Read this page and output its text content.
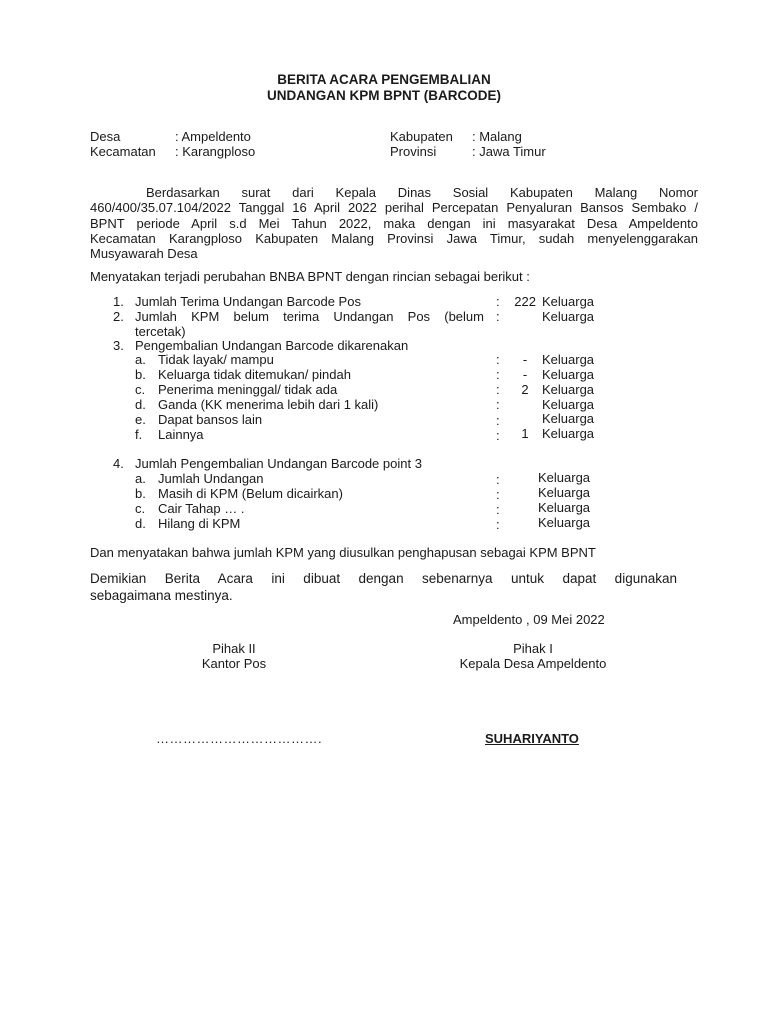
BERITA ACARA PENGEMBALIAN
UNDANGAN KPM BPNT (BARCODE)
Desa	: Ampeldento
Kecamatan : Karangploso
Kabupaten : Malang
Provinsi	: Jawa Timur
Berdasarkan surat dari Kepala Dinas Sosial Kabupaten Malang Nomor
460/400/35.07.104/2022 Tanggal 16 April 2022 perihal Percepatan Penyaluran Bansos Sembako /
BPNT periode April s.d Mei Tahun 2022, maka dengan ini masyarakat Desa Ampeldento
Kecamatan Karangploso Kabupaten Malang Provinsi Jawa Timur, sudah menyelenggarakan
Musyawarah Desa
Menyatakan terjadi perubahan BNBA BPNT dengan rincian sebagai berikut :
1. Jumlah Terima Undangan Barcode Pos	:	222 Keluarga
2. Jumlah KPM belum terima Undangan Pos (belum
tercetak)
:	Keluarga
3. Pengembalian Undangan Barcode dikarenakan
a. Tidak layak/ mampu	:	-	Keluarga
b. Keluarga tidak ditemukan/ pindah	:	-	Keluarga
c. Penerima meninggal/ tidak ada	:	2	Keluarga
d. Ganda (KK menerima lebih dari 1 kali)	:	Keluarga
e. Dapat bansos lain	:	Keluarga
f. Lainnya	:	1	Keluarga
4. Jumlah Pengembalian Undangan Barcode point 3
a. Jumlah Undangan	:	Keluarga
b. Masih di KPM (Belum dicairkan)	:	Keluarga
c. Cair Tahap … .	:	Keluarga
d. Hilang di KPM	:	Keluarga
Dan menyatakan bahwa jumlah KPM yang diusulkan penghapusan sebagai KPM BPNT
Demikian Berita Acara ini dibuat dengan sebenarnya untuk dapat digunakan
sebagaimana mestinya.
Ampeldento , 09 Mei 2022
Pihak II
Kantor Pos
Pihak I
Kepala Desa Ampeldento
……………………………….	SUHARIYANTO
